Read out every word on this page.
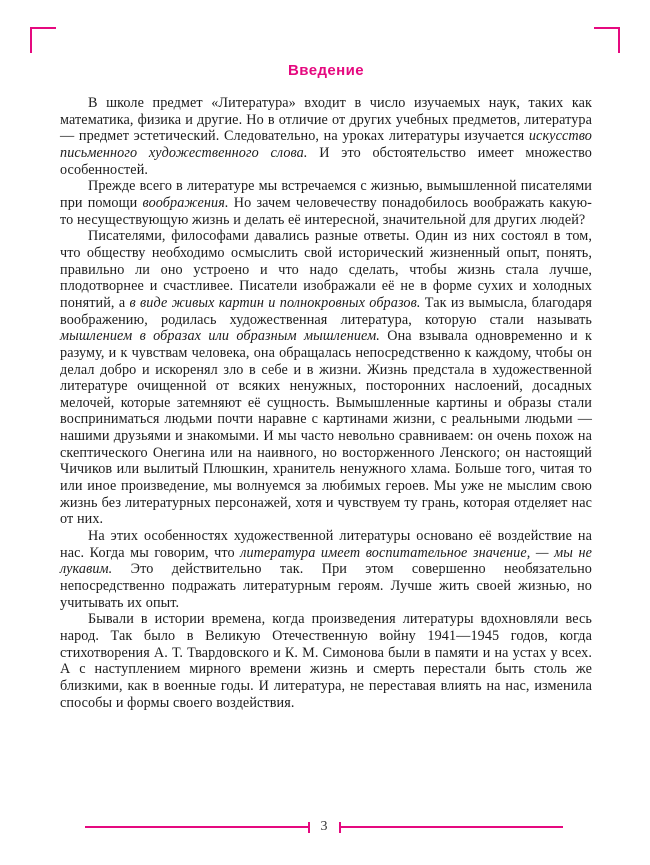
Введение

В школе предмет «Литература» входит в число изучаемых наук, таких как математика, физика и другие. Но в отличие от других учебных предметов, литература — предмет эстетический. Следовательно, на уроках литературы изучается искусство письменного художественного слова. И это обстоятельство имеет множество особенностей.

Прежде всего в литературе мы встречаемся с жизнью, вымышленной писателями при помощи воображения. Но зачем человечеству понадобилось воображать какую-то несуществующую жизнь и делать её интересной, значительной для других людей?

Писателями, философами давались разные ответы. Один из них состоял в том, что обществу необходимо осмыслить свой исторический жизненный опыт, понять, правильно ли оно устроено и что надо сделать, чтобы жизнь стала лучше, плодотворнее и счастливее. Писатели изображали её не в форме сухих и холодных понятий, а в виде живых картин и полнокровных образов. Так из вымысла, благодаря воображению, родилась художественная литература, которую стали называть мышлением в образах или образным мышлением. Она взывала одновременно и к разуму, и к чувствам человека, она обращалась непосредственно к каждому, чтобы он делал добро и искоренял зло в себе и в жизни. Жизнь предстала в художественной литературе очищенной от всяких ненужных, посторонних наслоений, досадных мелочей, которые затемняют её сущность. Вымышленные картины и образы стали восприниматься людьми почти наравне с картинами жизни, с реальными людьми — нашими друзьями и знакомыми. И мы часто невольно сравниваем: он очень похож на скептического Онегина или на наивного, но восторженного Ленского; он настоящий Чичиков или вылитый Плюшкин, хранитель ненужного хлама. Больше того, читая то или иное произведение, мы волнуемся за любимых героев. Мы уже не мыслим свою жизнь без литературных персонажей, хотя и чувствуем ту грань, которая отделяет нас от них.

На этих особенностях художественной литературы основано её воздействие на нас. Когда мы говорим, что литература имеет воспитательное значение, — мы не лукавим. Это действительно так. При этом совершенно необязательно непосредственно подражать литературным героям. Лучше жить своей жизнью, но учитывать их опыт.

Бывали в истории времена, когда произведения литературы вдохновляли весь народ. Так было в Великую Отечественную войну 1941—1945 годов, когда стихотворения А. Т. Твардовского и К. М. Симонова были в памяти и на устах у всех. А с наступлением мирного времени жизнь и смерть перестали быть столь же близкими, как в военные годы. И литература, не переставая влиять на нас, изменила способы и формы своего воздействия.

3
